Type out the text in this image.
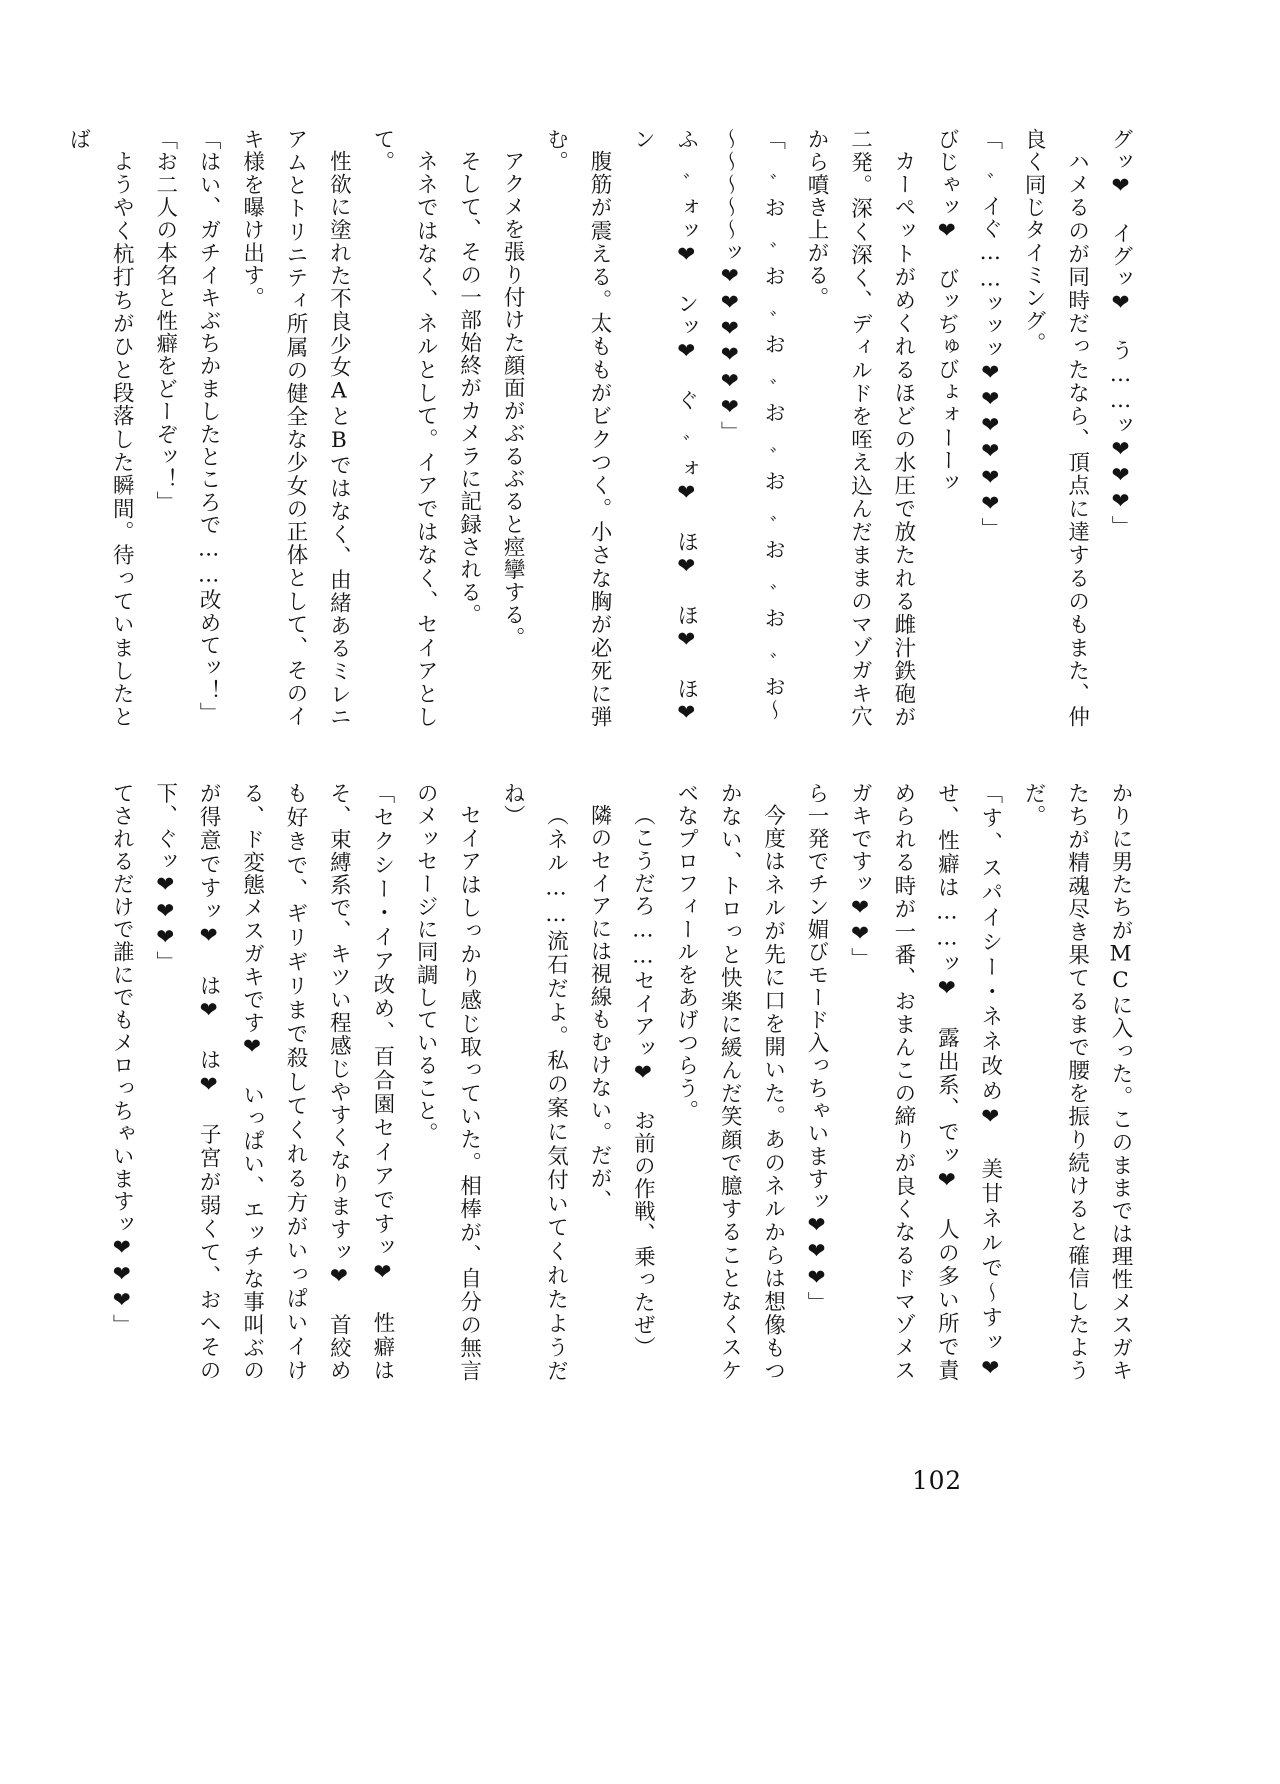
グッ❤　イグッ❤　う……ッ❤❤❤」

ハメるのが同時だったなら、頂点に達するのもまた、仲良く同じタイミング。

「　ﾞイぐ……ッッッ❤❤❤❤❤❤」

びじゃッ❤　びッぢゅびょォーーッ

カーペットがめくれるほどの水圧で放たれる雌汁鉄砲が二発。深く深く、ディルドを咥え込んだままのマゾガキ穴から噴き上がる。

「 ﾞお　ﾞお　ﾞお　ﾞお　ﾞお　ﾞお　ﾞお　ﾞお～～～～～～ッ❤❤❤❤❤❤」

ふ ﾞォッ❤　ンッ❤　ぐ ﾞォ❤　ほ❤　ほ❤　ほ❤　ン

腹筋が震える。太ももがビクつく。小さな胸が必死に弾む。

アクメを張り付けた顔面がぶるぶると痙攣する。

そして、その一部始終がカメラに記録される。

ネネではなく、ネルとして。イアではなく、セイアとして。

性欲に塗れた不良少女AとBではなく、由緒あるミレニアムとトリニティ所属の健全な少女の正体として、そのイキ様を曝け出す。

「はい、ガチイキぶちかましたところで……改めてッ！」

「お二人の本名と性癖をどーぞッ！」

ようやく杭打ちがひと段落した瞬間。待っていましたとば

かりに男たちがMCに入った。このままでは理性メスガキたちが精魂尽き果てるまで腰を振り続けると確信したようだ。

「す、スパイシー・ネネ改め❤　美甘ネルで～すッ❤　せ、性癖は……ッ❤　露出系、でッ❤　人の多い所で責められる時が一番、おまんこの締りが良くなるドマゾメスガキですッ❤❤」

ら一発でチン媚びモード入っちゃいますッ❤❤❤」

今度はネルが先に口を開いた。あのネルからは想像もつかない、トロっと快楽に緩んだ笑顔で臆することなくスケベなプロフィールをあげつらう。

（こうだろ……セイアッ❤　お前の作戦、乗ったぜ）

隣のセイアには視線もむけない。だが、

（ネル……流石だよ。私の案に気付いてくれたようだね）

セイアはしっかり感じ取っていた。相棒が、自分の無言のメッセージに同調していること。

「セクシー・イア改め、百合園セイアですッ❤　性癖はそ、束縛系で、キツい程感じやすくなりますッ❤　首絞めも好きで、ギリギリまで殺してくれる方がいっぱいイける、ド変態メスガキです❤　いっぱい、エッチな事叫ぶのが得意ですッ❤　は❤　は❤　子宮が弱くて、おへその下、ぐッ❤❤❤」

てされるだけで誰にでもメロっちゃいますッ❤❤❤」

102
